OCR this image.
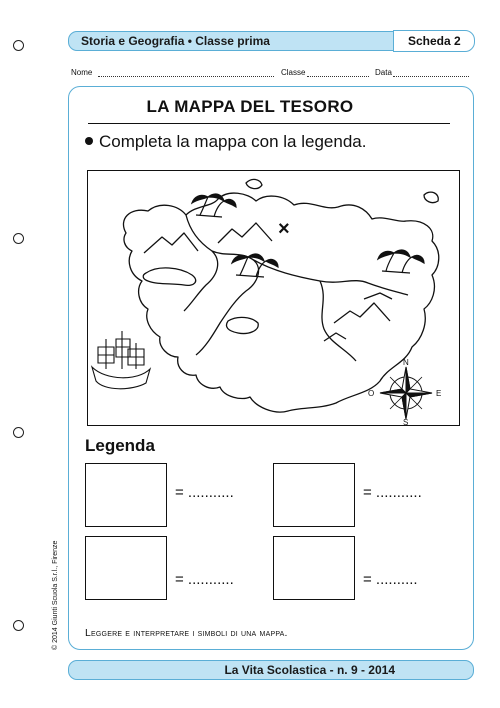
Storia e Geografia • Classe prima	Scheda 2
Nome	Classe	Data
LA MAPPA DEL TESORO
Completa la mappa con la legenda.
×
N
S
E
O
Legenda
= ...........	= ...........
= ...........	= ..........
Leggere e interpretare i simboli di una mappa.
© 2014 Giunti Scuola S.r.l., Firenze
La Vita Scolastica - n. 9 - 2014
